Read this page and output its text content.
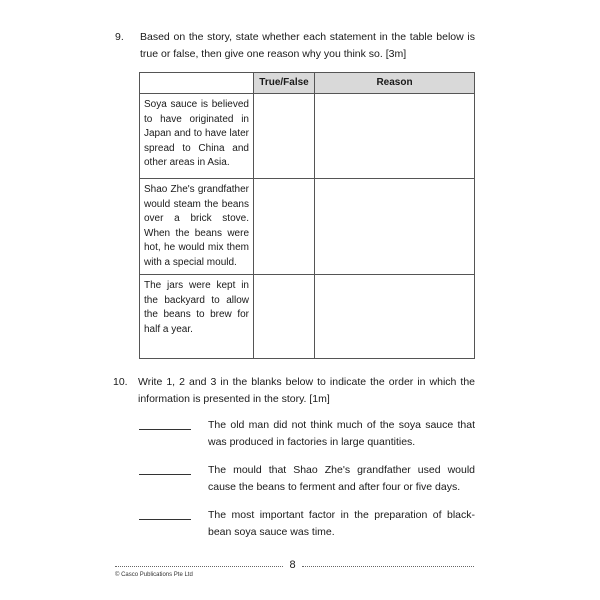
9. Based on the story, state whether each statement in the table below is true or false, then give one reason why you think so. [3m]
	True/False	Reason
Soya sauce is believed to have originated in Japan and to have later spread to China and other areas in Asia.		
Shao Zhe's grandfather would steam the beans over a brick stove. When the beans were hot, he would mix them with a special mould.		
The jars were kept in the backyard to allow the beans to brew for half a year.		
10. Write 1, 2 and 3 in the blanks below to indicate the order in which the information is presented in the story. [1m]
The old man did not think much of the soya sauce that was produced in factories in large quantities.
The mould that Shao Zhe's grandfather used would cause the beans to ferment and after four or five days.
The most important factor in the preparation of black-bean soya sauce was time.
8
© Casco Publications Pte Ltd
